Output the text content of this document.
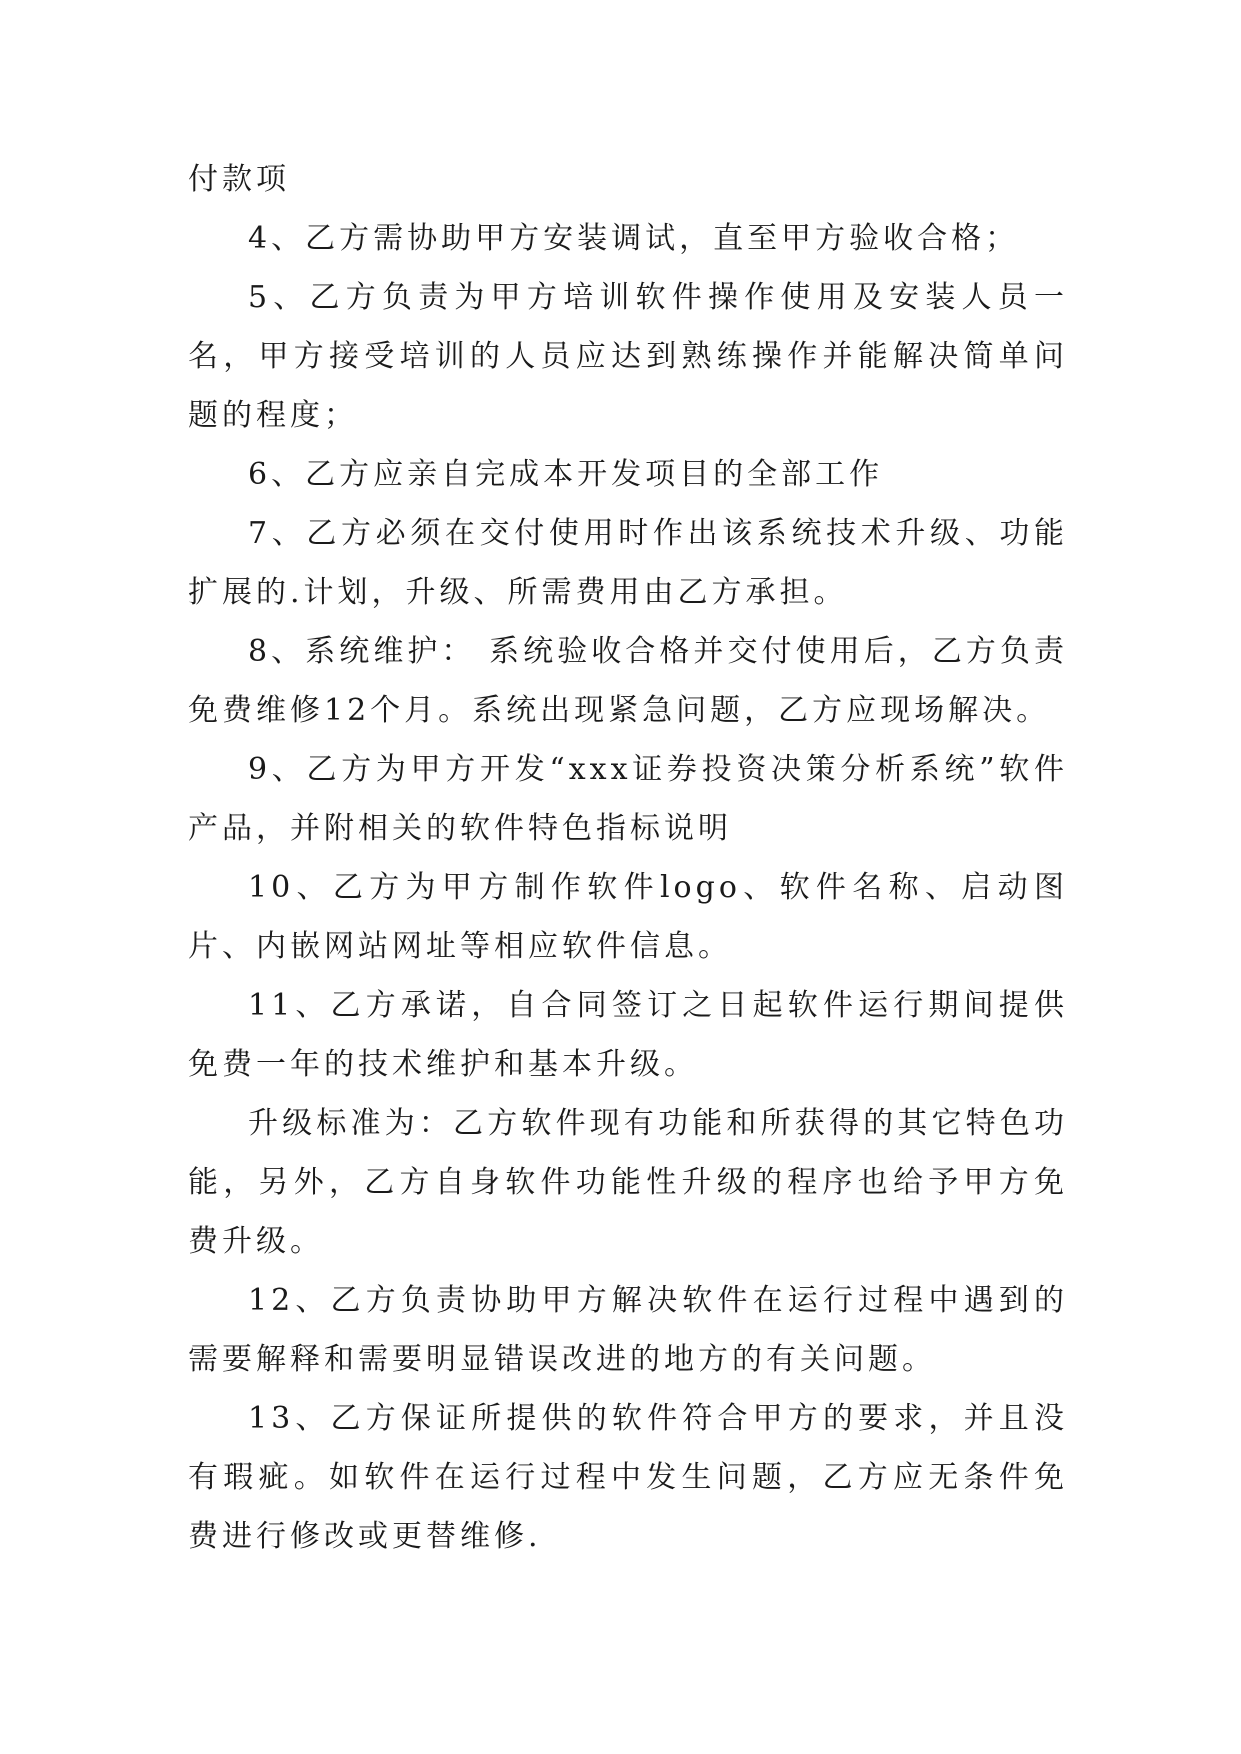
付款项

4、乙方需协助甲方安装调试，直至甲方验收合格；

5、乙方负责为甲方培训软件操作使用及安装人员一名，甲方接受培训的人员应达到熟练操作并能解决简单问题的程度；

6、乙方应亲自完成本开发项目的全部工作

7、乙方必须在交付使用时作出该系统技术升级、功能扩展的.计划，升级、所需费用由乙方承担。

8、系统维护： 系统验收合格并交付使用后，乙方负责免费维修12个月。系统出现紧急问题，乙方应现场解决。

9、乙方为甲方开发“xxx证券投资决策分析系统”软件产品，并附相关的软件特色指标说明

10、乙方为甲方制作软件logo、软件名称、启动图片、内嵌网站网址等相应软件信息。

11、乙方承诺，自合同签订之日起软件运行期间提供免费一年的技术维护和基本升级。

升级标准为：乙方软件现有功能和所获得的其它特色功能，另外，乙方自身软件功能性升级的程序也给予甲方免费升级。

12、乙方负责协助甲方解决软件在运行过程中遇到的需要解释和需要明显错误改进的地方的有关问题。

13、乙方保证所提供的软件符合甲方的要求，并且没有瑕疵。如软件在运行过程中发生问题，乙方应无条件免费进行修改或更替维修.
